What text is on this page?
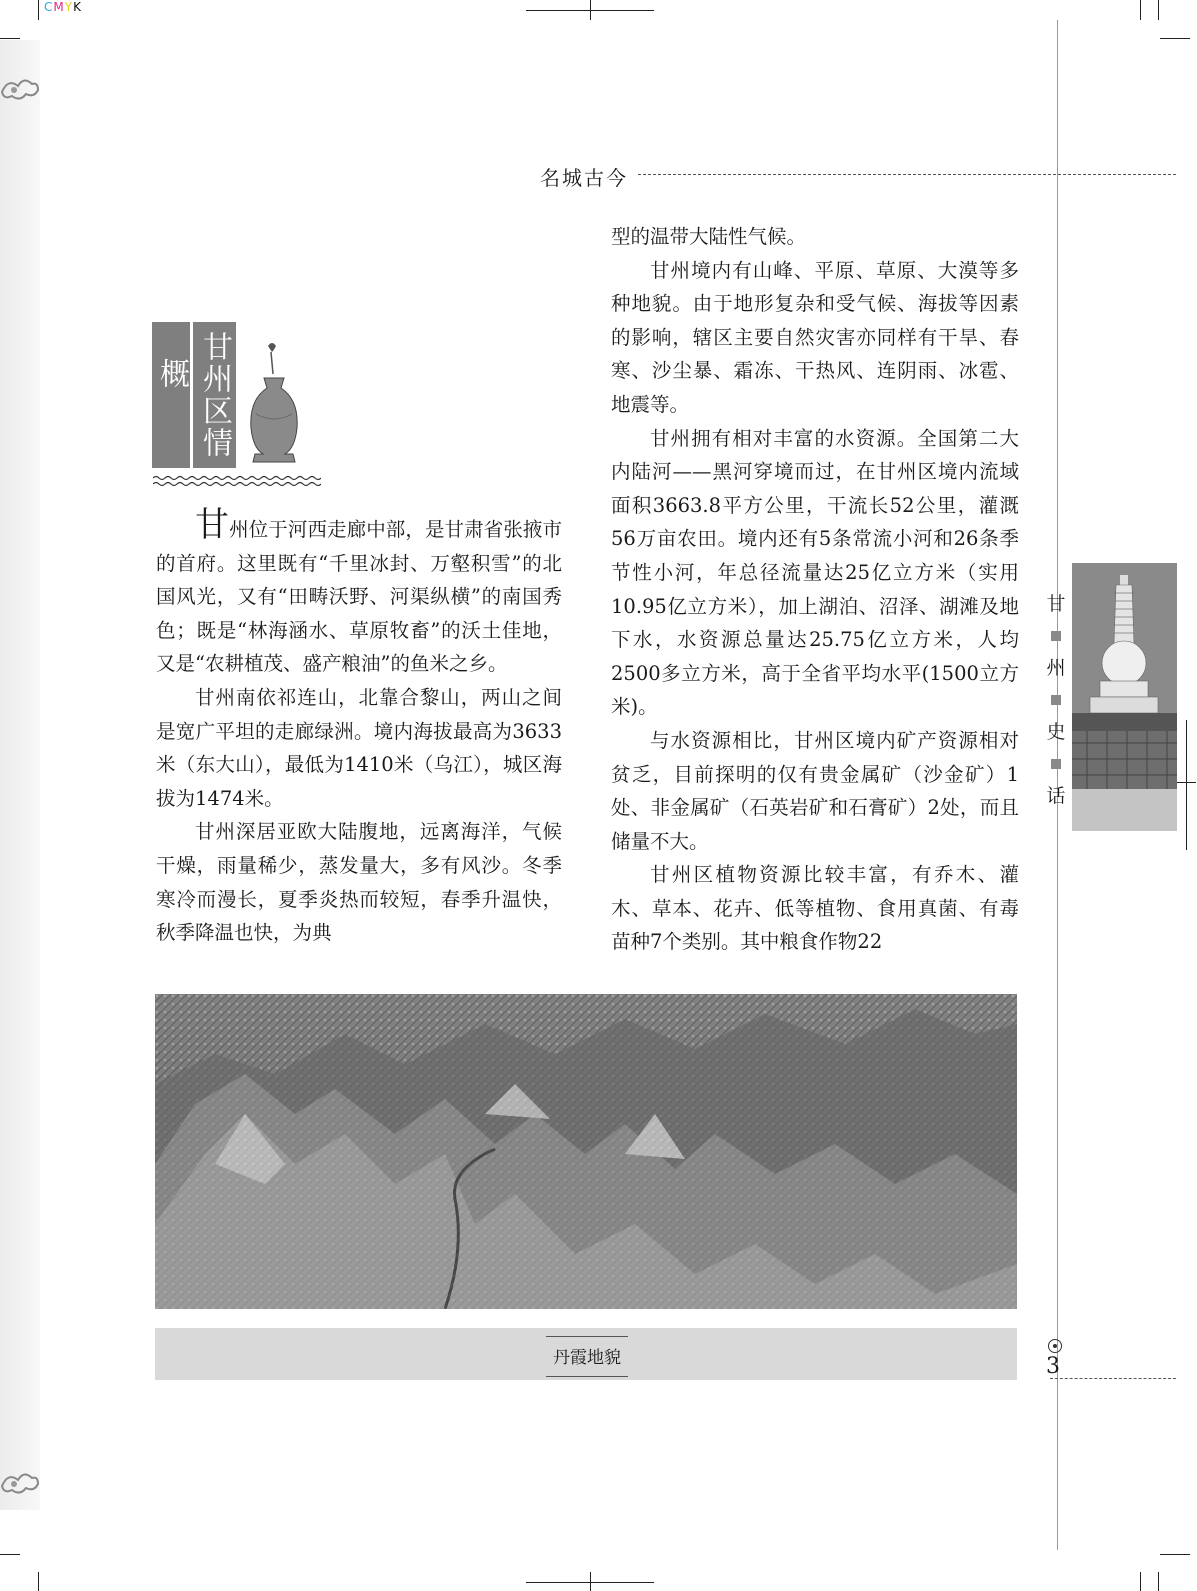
CMYK
名城古今
概览	甘州区情

甘州位于河西走廊中部，是甘肃省张掖市的首府。这里既有“千里冰封、万壑积雪”的北国风光，又有“田畴沃野、河渠纵横”的南国秀色；既是“林海涵水、草原牧畜”的沃土佳地，又是“农耕植茂、盛产粮油”的鱼米之乡。

甘州南依祁连山，北靠合黎山，两山之间是宽广平坦的走廊绿洲。境内海拔最高为3633米（东大山），最低为1410米（乌江），城区海拔为1474米。

甘州深居亚欧大陆腹地，远离海洋，气候干燥，雨量稀少，蒸发量大，多有风沙。冬季寒冷而漫长，夏季炎热而较短，春季升温快，秋季降温也快，为典

型的温带大陆性气候。

甘州境内有山峰、平原、草原、大漠等多种地貌。由于地形复杂和受气候、海拔等因素的影响，辖区主要自然灾害亦同样有干旱、春寒、沙尘暴、霜冻、干热风、连阴雨、冰雹、地震等。

甘州拥有相对丰富的水资源。全国第二大内陆河——黑河穿境而过，在甘州区境内流域面积3663.8平方公里，干流长52公里，灌溉56万亩农田。境内还有5条常流小河和26条季节性小河，年总径流量达25亿立方米（实用10.95亿立方米），加上湖泊、沼泽、湖滩及地下水，水资源总量达25.75亿立方米，人均2500多立方米，高于全省平均水平(1500立方米)。

与水资源相比，甘州区境内矿产资源相对贫乏，目前探明的仅有贵金属矿（沙金矿）1处、非金属矿（石英岩矿和石膏矿）2处，而且储量不大。

甘州区植物资源比较丰富，有乔木、灌木、草本、花卉、低等植物、食用真菌、有毒苗种7个类别。其中粮食作物22

丹霞地貌
甘
州
史
话
3
